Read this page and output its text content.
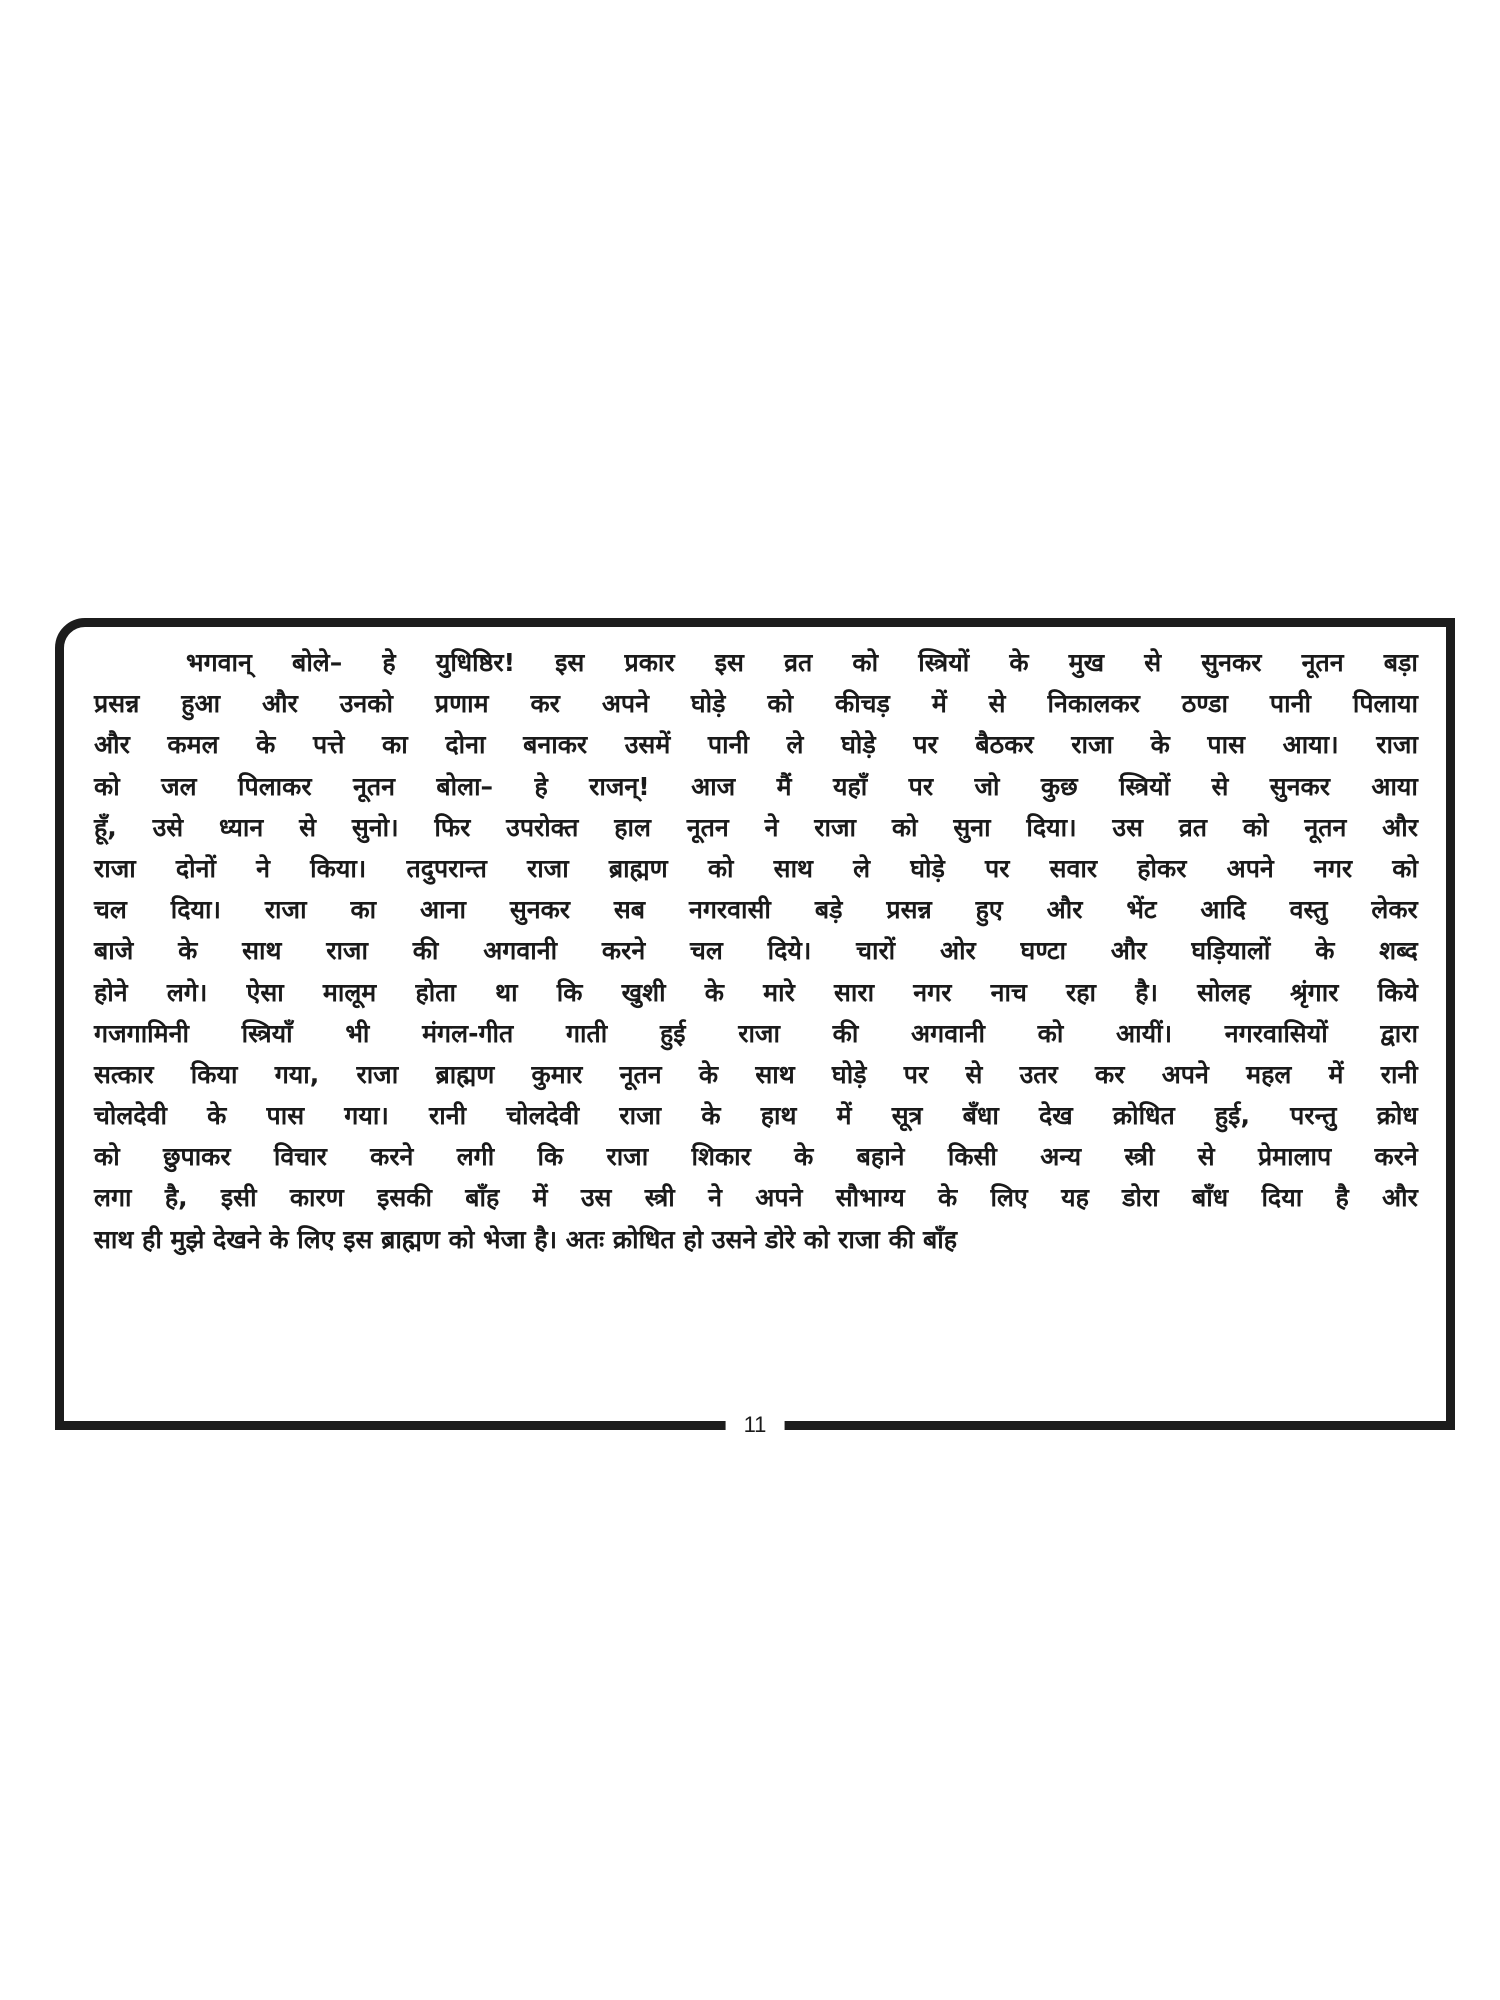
भगवान् बोले– हे युधिष्ठिर! इस प्रकार इस व्रत को स्त्रियों के मुख से सुनकर नूतन बड़ा
प्रसन्न हुआ और उनको प्रणाम कर अपने घोड़े को कीचड़ में से निकालकर ठण्डा पानी पिलाया
और कमल के पत्ते का दोना बनाकर उसमें पानी ले घोड़े पर बैठकर राजा के पास आया। राजा
को जल पिलाकर नूतन बोला– हे राजन्! आज मैं यहाँ पर जो कुछ स्त्रियों से सुनकर आया
हूँ, उसे ध्यान से सुनो। फिर उपरोक्त हाल नूतन ने राजा को सुना दिया। उस व्रत को नूतन और
राजा दोनों ने किया। तदुपरान्त राजा ब्राह्मण को साथ ले घोड़े पर सवार होकर अपने नगर को
चल दिया। राजा का आना सुनकर सब नगरवासी बड़े प्रसन्न हुए और भेंट आदि वस्तु लेकर
बाजे के साथ राजा की अगवानी करने चल दिये। चारों ओर घण्टा और घड़ियालों के शब्द
होने लगे। ऐसा मालूम होता था कि खुशी के मारे सारा नगर नाच रहा है। सोलह श्रृंगार किये
गजगामिनी स्त्रियाँ भी मंगल-गीत गाती हुई राजा की अगवानी को आयीं। नगरवासियों द्वारा
सत्कार किया गया, राजा ब्राह्मण कुमार नूतन के साथ घोड़े पर से उतर कर अपने महल में रानी
चोलदेवी के पास गया। रानी चोलदेवी राजा के हाथ में सूत्र बँधा देख क्रोधित हुई, परन्तु क्रोध
को छुपाकर विचार करने लगी कि राजा शिकार के बहाने किसी अन्य स्त्री से प्रेमालाप करने
लगा है, इसी कारण इसकी बाँह में उस स्त्री ने अपने सौभाग्य के लिए यह डोरा बाँध दिया है और
साथ ही मुझे देखने के लिए इस ब्राह्मण को भेजा है। अतः क्रोधित हो उसने डोरे को राजा की बाँह
11
